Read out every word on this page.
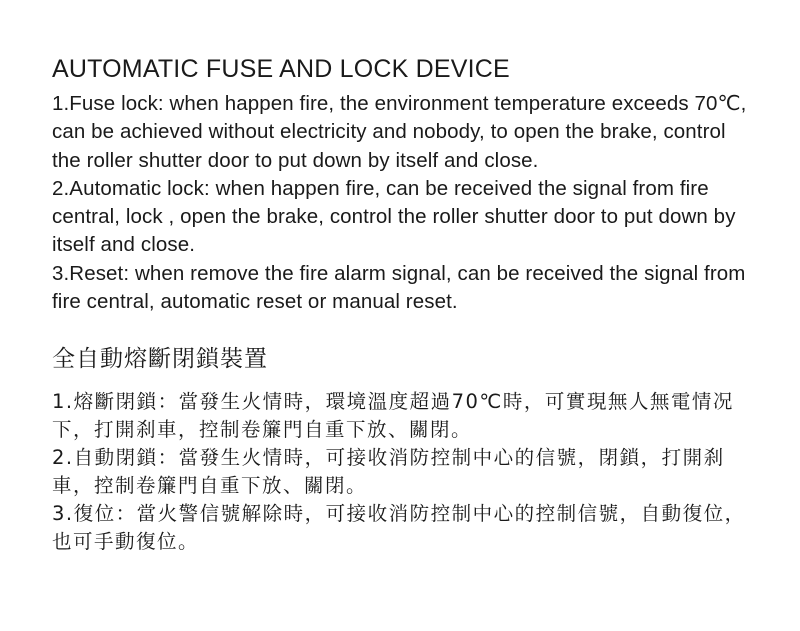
AUTOMATIC FUSE AND LOCK DEVICE

1.Fuse lock: when happen fire, the environment temperature exceeds 70℃, can be achieved without electricity and nobody, to open the brake, control the roller shutter door to put down by itself and close.

2.Automatic lock: when happen fire, can be received the signal from fire central, lock , open the brake, control the roller shutter door to put down by itself and close.

3.Reset: when remove the fire alarm signal, can be received the signal from fire central, automatic reset or manual reset.

全自動熔斷閉鎖裝置

1.熔斷閉鎖：當發生火情時，環境溫度超過70℃時，可實現無人無電情况下，打開刹車，控制卷簾門自重下放、關閉。

2.自動閉鎖：當發生火情時，可接收消防控制中心的信號，閉鎖，打開刹車，控制卷簾門自重下放、關閉。

3.復位：當火警信號解除時，可接收消防控制中心的控制信號，自動復位，也可手動復位。
